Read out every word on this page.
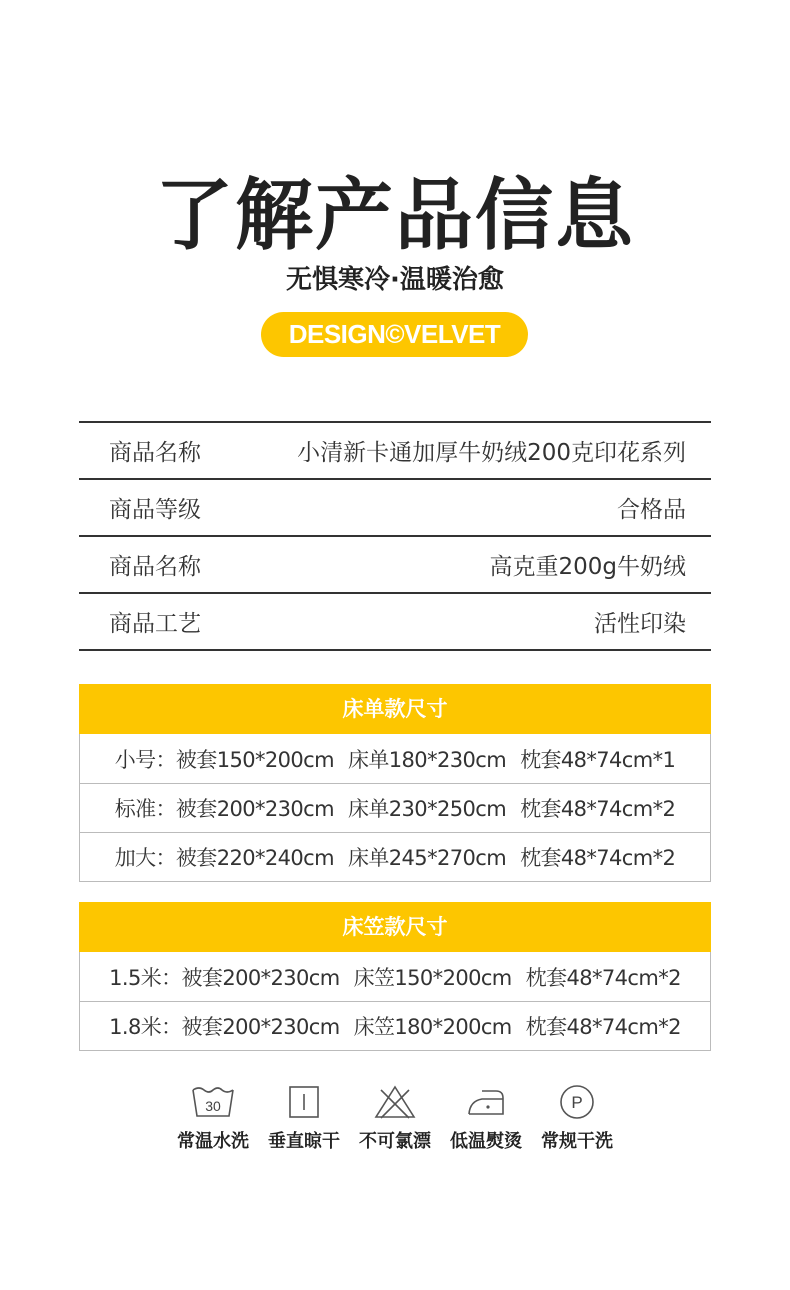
了解产品信息
无惧寒冷·温暖治愈
DESIGN©VELVET
商品名称	小清新卡通加厚牛奶绒200克印花系列
商品等级	合格品
商品名称	高克重200g牛奶绒
商品工艺	活性印染
床单款尺寸
小号： 被套150*200cm 床单180*230cm 枕套48*74cm*1
标准： 被套200*230cm 床单230*250cm 枕套48*74cm*2
加大： 被套220*240cm 床单245*270cm 枕套48*74cm*2
床笠款尺寸
1.5米： 被套200*230cm 床笠150*200cm 枕套48*74cm*2
1.8米： 被套200*230cm 床笠180*200cm 枕套48*74cm*2
30
常温水洗 垂直晾干 不可氯漂 低温熨烫
P
常规干洗
